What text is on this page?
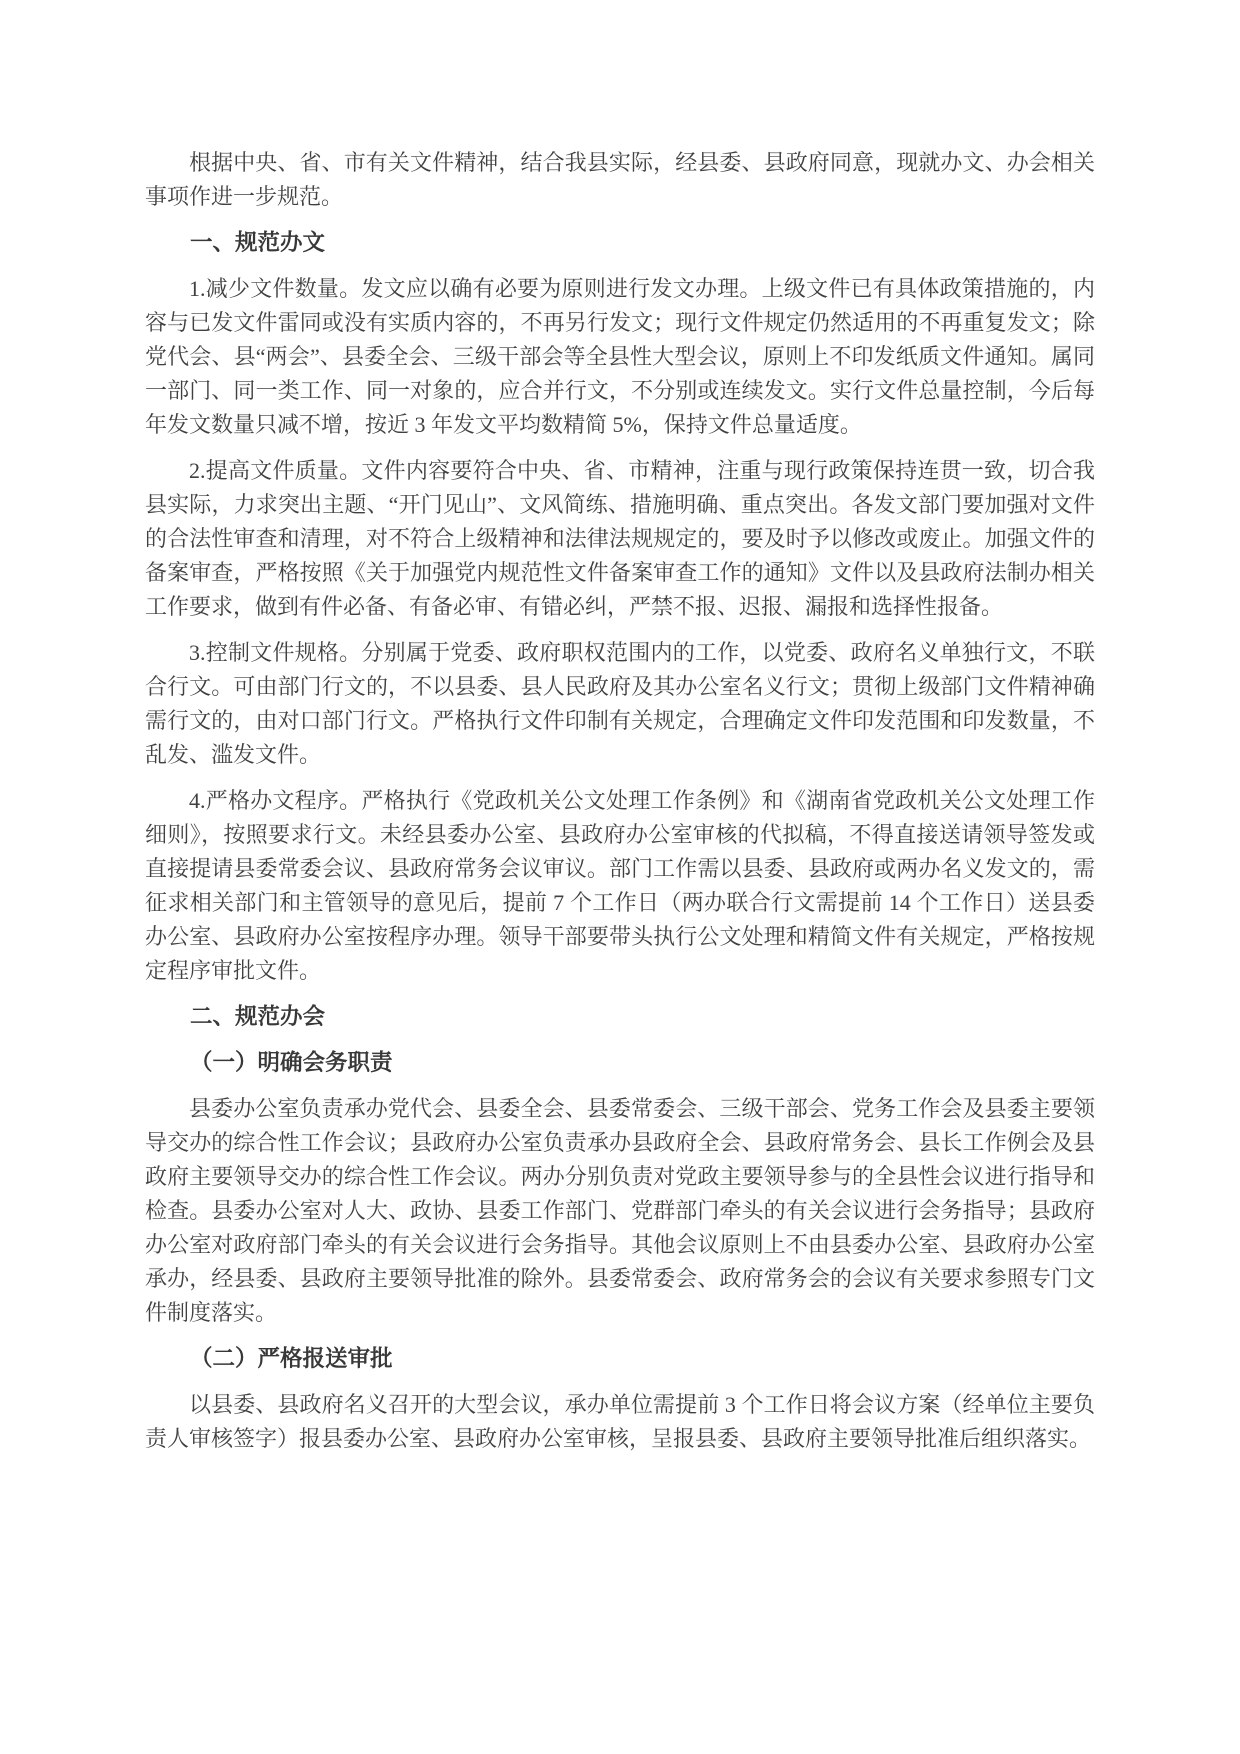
根据中央、省、市有关文件精神，结合我县实际，经县委、县政府同意，现就办文、办会相关事项作进一步规范。

一、规范办文

1.减少文件数量。发文应以确有必要为原则进行发文办理。上级文件已有具体政策措施的，内容与已发文件雷同或没有实质内容的，不再另行发文；现行文件规定仍然适用的不再重复发文；除党代会、县“两会”、县委全会、三级干部会等全县性大型会议，原则上不印发纸质文件通知。属同一部门、同一类工作、同一对象的，应合并行文，不分别或连续发文。实行文件总量控制，今后每年发文数量只减不增，按近 3 年发文平均数精简 5%，保持文件总量适度。

2.提高文件质量。文件内容要符合中央、省、市精神，注重与现行政策保持连贯一致，切合我县实际，力求突出主题、“开门见山”、文风简练、措施明确、重点突出。各发文部门要加强对文件的合法性审查和清理，对不符合上级精神和法律法规规定的，要及时予以修改或废止。加强文件的备案审查，严格按照《关于加强党内规范性文件备案审查工作的通知》文件以及县政府法制办相关工作要求，做到有件必备、有备必审、有错必纠，严禁不报、迟报、漏报和选择性报备。

3.控制文件规格。分别属于党委、政府职权范围内的工作，以党委、政府名义单独行文，不联合行文。可由部门行文的，不以县委、县人民政府及其办公室名义行文；贯彻上级部门文件精神确需行文的，由对口部门行文。严格执行文件印制有关规定，合理确定文件印发范围和印发数量，不乱发、滥发文件。

4.严格办文程序。严格执行《党政机关公文处理工作条例》和《湖南省党政机关公文处理工作细则》，按照要求行文。未经县委办公室、县政府办公室审核的代拟稿，不得直接送请领导签发或直接提请县委常委会议、县政府常务会议审议。部门工作需以县委、县政府或两办名义发文的，需征求相关部门和主管领导的意见后，提前 7 个工作日（两办联合行文需提前 14 个工作日）送县委办公室、县政府办公室按程序办理。领导干部要带头执行公文处理和精简文件有关规定，严格按规定程序审批文件。

二、规范办会

（一）明确会务职责

县委办公室负责承办党代会、县委全会、县委常委会、三级干部会、党务工作会及县委主要领导交办的综合性工作会议；县政府办公室负责承办县政府全会、县政府常务会、县长工作例会及县政府主要领导交办的综合性工作会议。两办分别负责对党政主要领导参与的全县性会议进行指导和检查。县委办公室对人大、政协、县委工作部门、党群部门牵头的有关会议进行会务指导；县政府办公室对政府部门牵头的有关会议进行会务指导。其他会议原则上不由县委办公室、县政府办公室承办，经县委、县政府主要领导批准的除外。县委常委会、政府常务会的会议有关要求参照专门文件制度落实。

（二）严格报送审批

以县委、县政府名义召开的大型会议，承办单位需提前 3 个工作日将会议方案（经单位主要负责人审核签字）报县委办公室、县政府办公室审核，呈报县委、县政府主要领导批准后组织落实。
